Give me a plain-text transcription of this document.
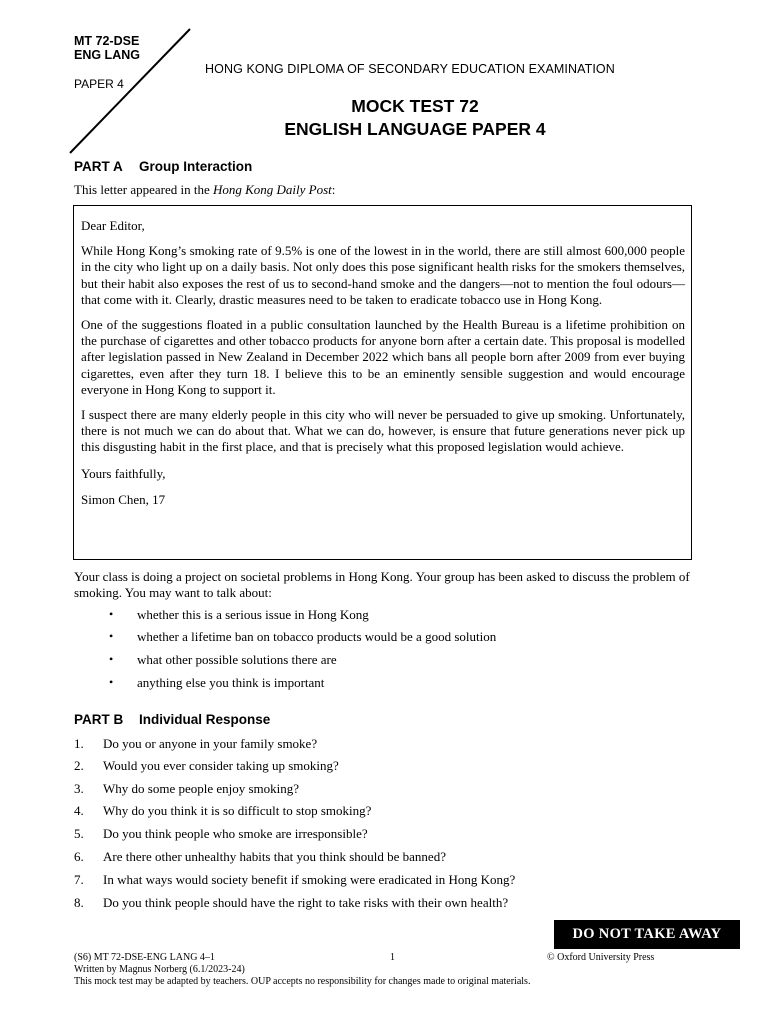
MT 72-DSE
ENG LANG
PAPER 4
HONG KONG DIPLOMA OF SECONDARY EDUCATION EXAMINATION
MOCK TEST 72
ENGLISH LANGUAGE PAPER 4
PART A Group Interaction
This letter appeared in the Hong Kong Daily Post:

Dear Editor,

While Hong Kong’s smoking rate of 9.5% is one of the lowest in in the world, there are still almost 600,000 people in the city who light up on a daily basis. Not only does this pose significant health risks for the smokers themselves, but their habit also exposes the rest of us to second-hand smoke and the dangers—not to mention the foul odours—that come with it. Clearly, drastic measures need to be taken to eradicate tobacco use in Hong Kong.

One of the suggestions floated in a public consultation launched by the Health Bureau is a lifetime prohibition on the purchase of cigarettes and other tobacco products for anyone born after a certain date. This proposal is modelled after legislation passed in New Zealand in December 2022 which bans all people born after 2009 from ever buying cigarettes, even after they turn 18. I believe this to be an eminently sensible suggestion and would encourage everyone in Hong Kong to support it.

I suspect there are many elderly people in this city who will never be persuaded to give up smoking. Unfortunately, there is not much we can do about that. What we can do, however, is ensure that future generations never pick up this disgusting habit in the first place, and that is precisely what this proposed legislation would achieve.

Yours faithfully,

Simon Chen, 17

Your class is doing a project on societal problems in Hong Kong. Your group has been asked to discuss the problem of smoking. You may want to talk about:
• whether this is a serious issue in Hong Kong
• whether a lifetime ban on tobacco products would be a good solution
• what other possible solutions there are
• anything else you think is important
PART B Individual Response
1. Do you or anyone in your family smoke?
2. Would you ever consider taking up smoking?
3. Why do some people enjoy smoking?
4. Why do you think it is so difficult to stop smoking?
5. Do you think people who smoke are irresponsible?
6. Are there other unhealthy habits that you think should be banned?
7. In what ways would society benefit if smoking were eradicated in Hong Kong?
8. Do you think people should have the right to take risks with their own health?
DO NOT TAKE AWAY
(S6) MT 72-DSE-ENG LANG 4–1	1	© Oxford University Press
Written by Magnus Norberg (6.1/2023-24)
This mock test may be adapted by teachers. OUP accepts no responsibility for changes made to original materials.
